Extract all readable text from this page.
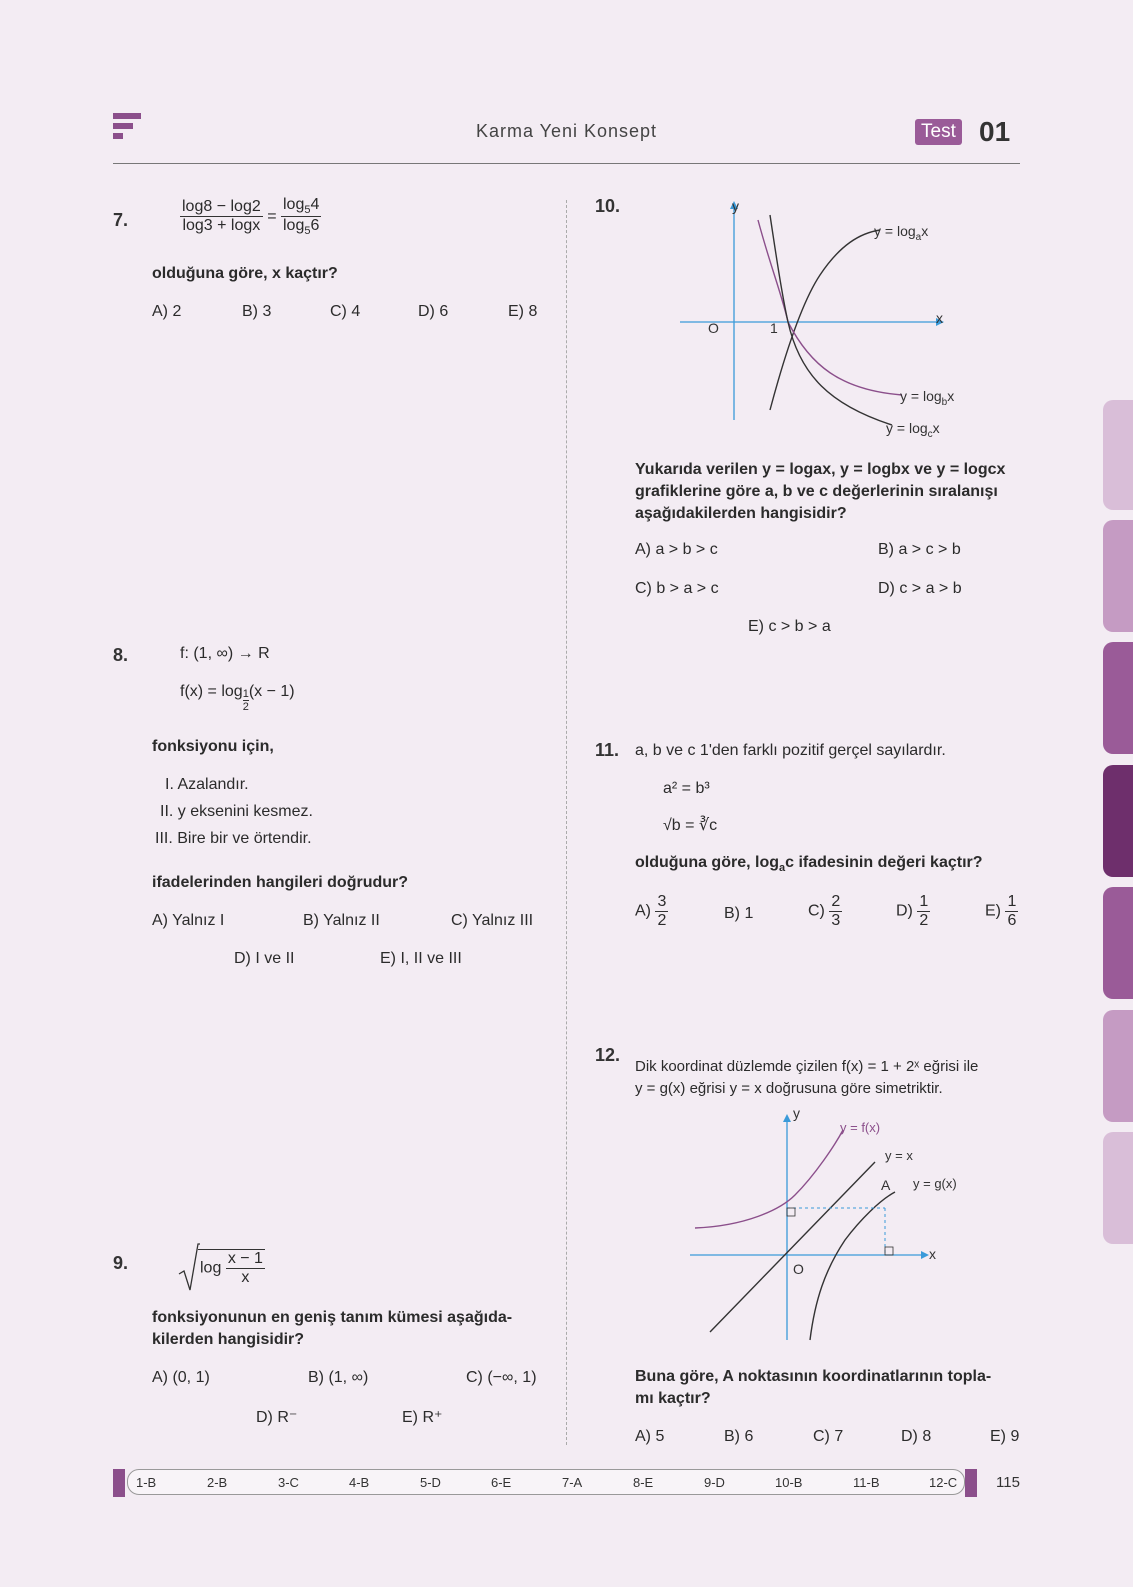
Karma Yeni Konsept	Test 01
7.	$\frac{\log 8 - \log 2}{\log 3 + \log x} = \frac{\log_54}{\log_56}$
olduğuna göre, x kaçtır?
A) 2	B) 3	C) 4	D) 6	E) 8
8.	f: (1, ∞) → R
$f(x) = \log \frac{1}{2} (x - 1)$
fonksiyonu için,
I. Azalandır.
II. y eksenini kesmez.
III. Bire bir ve örtendir.
ifadelerinden hangileri doğrudur?
A) Yalnız I	B) Yalnız II	C) Yalnız III
D) I ve II	E) I, II ve III
9.	$\log \frac{x - 1}{x}$
fonksiyonunun en geniş tanım kümesi aşağıda-
kilerden hangisidir?
A) (0, 1)	B) (1, ∞)	C) (−∞, 1)
D) R⁻	E) R⁺
10.	y
x
O	1
$y = \log_ax$
$y = \log_bx$
$y = \log_cx$
Yukarıda verilen y = logax, y = logbx ve y = logcx
grafiklerine göre a, b ve c değerlerinin sıralanışı
aşağıdakilerden hangisidir?
A) a > b > c	B) a > c > b
C) b > a > c	D) c > a > b
E) c > b > a
11. a, b ve c 1'den farklı pozitif gerçel sayılardır.
a² = b³
√b = ∛c
olduğuna göre, $\log_ac$ ifadesinin değeri kaçtır?
$A) \frac{3}{2}$	B) 1	$C) \frac{2}{3}$	$D) \frac{1}{2}$	$E) \frac{1}{6}$
12.
Dik koordinat düzlemde çizilen f(x) = 1 + 2ˣ eğrisi ile
y = g(x) eğrisi y = x doğrusuna göre simetriktir.
y
x
O
y = f(x)
y = x
A y = g(x)
Buna göre, A noktasının koordinatlarının topla-
mı kaçtır?
A) 5	B) 6	C) 7	D) 8	E) 9
1-B	2-B	3-C	4-B	5-D	6-E	7-A	8-E	9-D	10-B	11-B	12-C	115
